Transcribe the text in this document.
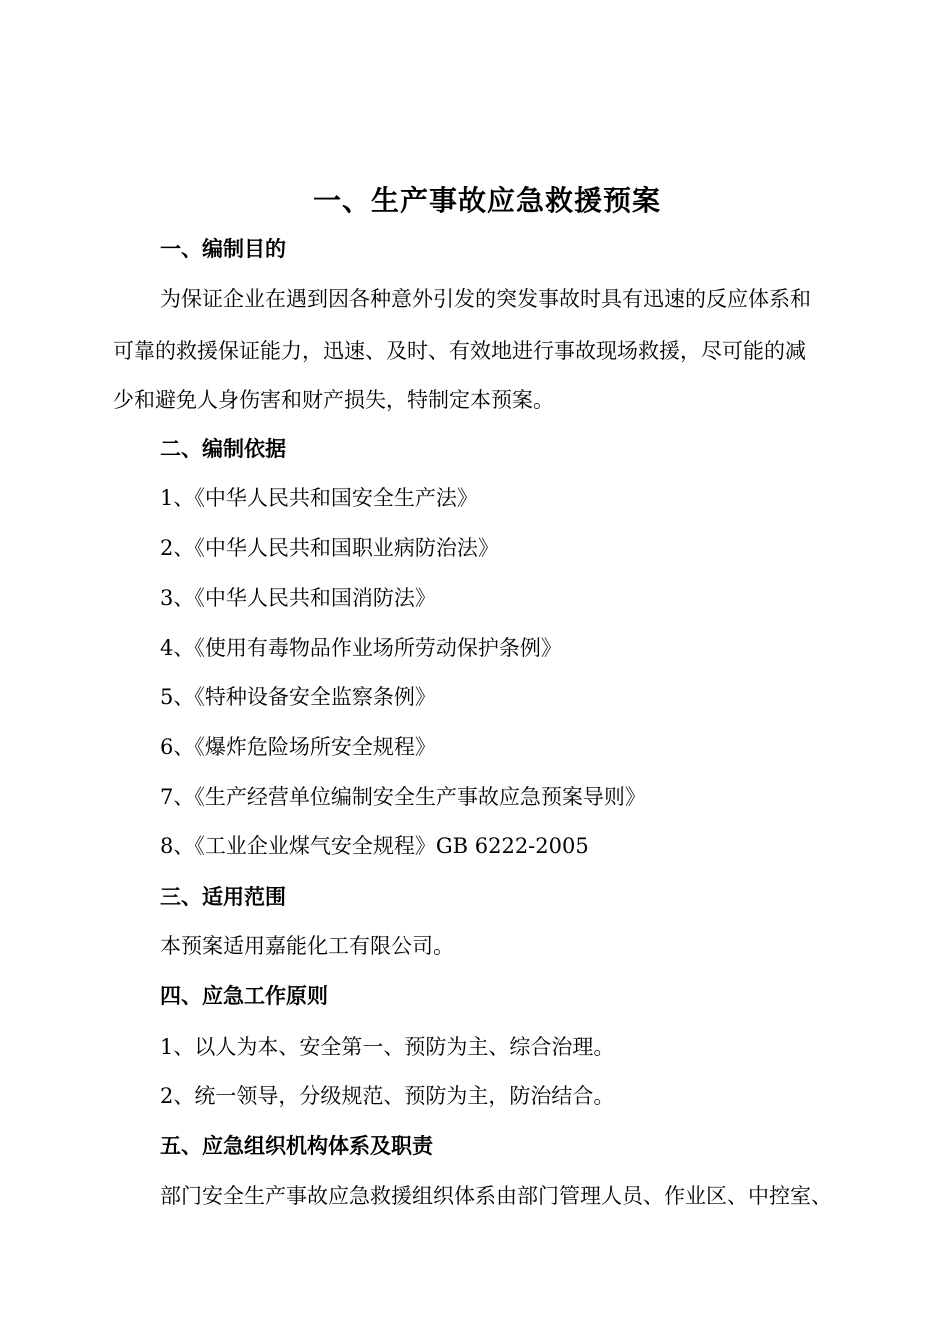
一、生产事故应急救援预案
一、编制目的
为保证企业在遇到因各种意外引发的突发事故时具有迅速的反应体系和
可靠的救援保证能力，迅速、及时、有效地进行事故现场救援，尽可能的减
少和避免人身伤害和财产损失，特制定本预案。
二、编制依据
1、《中华人民共和国安全生产法》
2、《中华人民共和国职业病防治法》
3、《中华人民共和国消防法》
4、《使用有毒物品作业场所劳动保护条例》
5、《特种设备安全监察条例》
6、《爆炸危险场所安全规程》
7、《生产经营单位编制安全生产事故应急预案导则》
8、《工业企业煤气安全规程》GB 6222-2005
三、适用范围
本预案适用嘉能化工有限公司。
四、应急工作原则
1、以人为本、安全第一、预防为主、综合治理。
2、统一领导，分级规范、预防为主，防治结合。
五、应急组织机构体系及职责
部门安全生产事故应急救援组织体系由部门管理人员、作业区、中控室、
